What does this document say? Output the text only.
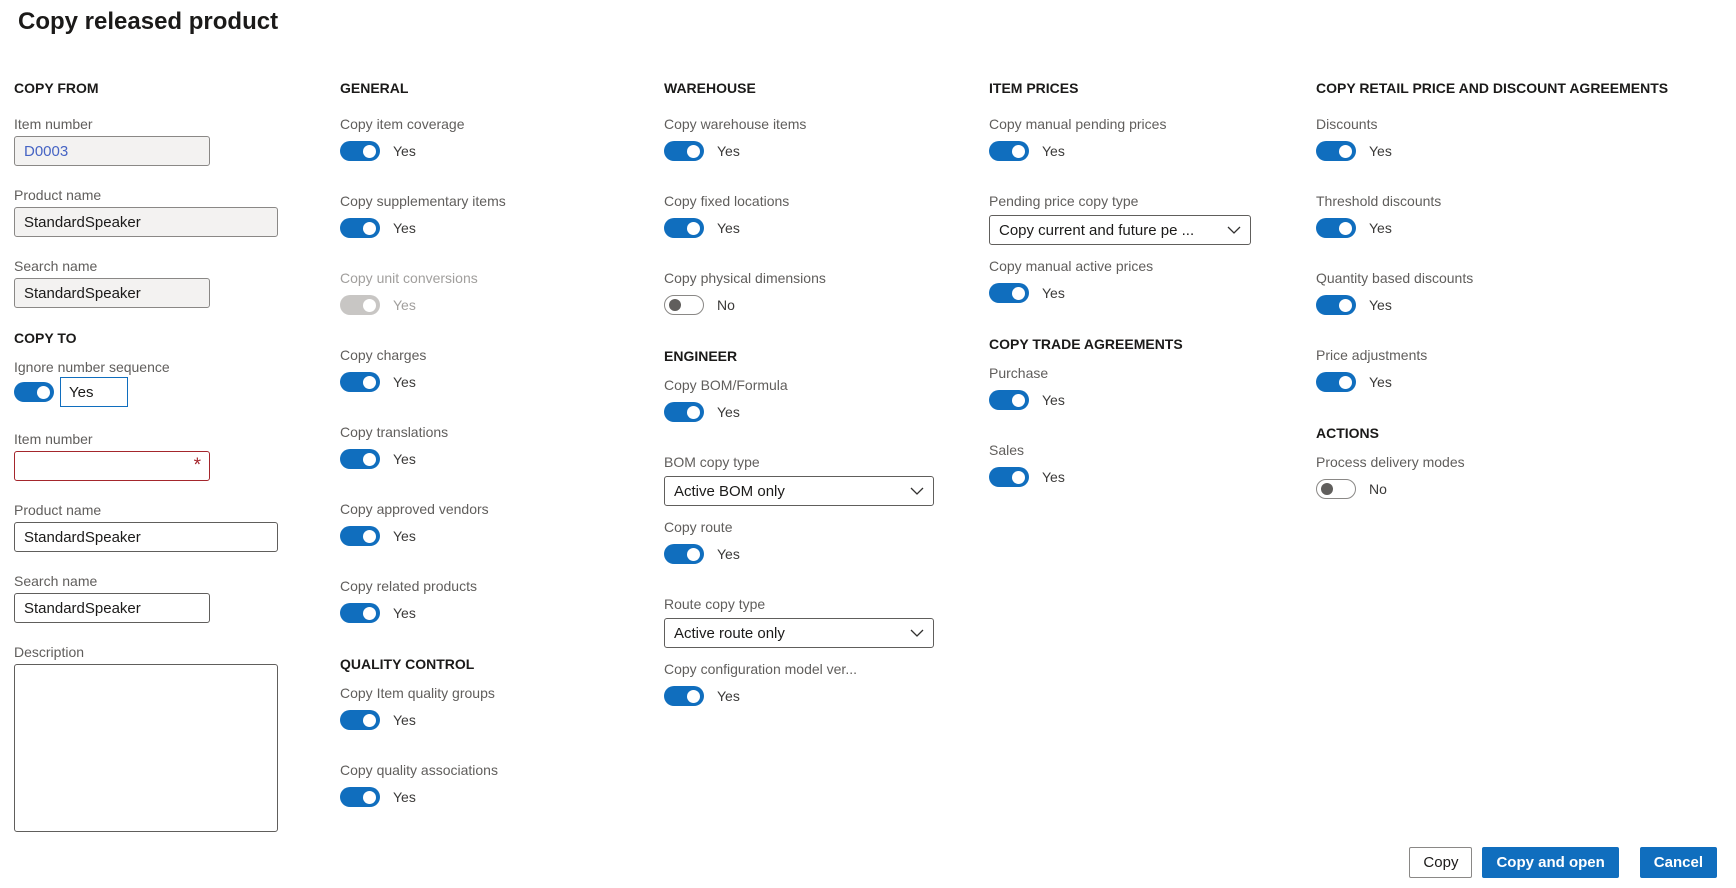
Copy released product
COPY FROM
Item number
D0003
Product name
StandardSpeaker
Search name
StandardSpeaker
COPY TO
Ignore number sequence
Yes
Item number
*
Product name
StandardSpeaker
Search name
StandardSpeaker
Description
GENERAL
Copy item coverage
Yes
Copy supplementary items
Yes
Copy unit conversions
Yes
Copy charges
Yes
Copy translations
Yes
Copy approved vendors
Yes
Copy related products
Yes
QUALITY CONTROL
Copy Item quality groups
Yes
Copy quality associations
Yes
WAREHOUSE
Copy warehouse items
Yes
Copy fixed locations
Yes
Copy physical dimensions
No
ENGINEER
Copy BOM/Formula
Yes
BOM copy type
Active BOM only
Copy route
Yes
Route copy type
Active route only
Copy configuration model ver...
Yes
ITEM PRICES
Copy manual pending prices
Yes
Pending price copy type
Copy current and future pe ...
Copy manual active prices
Yes
COPY TRADE AGREEMENTS
Purchase
Yes
Sales
Yes
COPY RETAIL PRICE AND DISCOUNT AGREEMENTS
Discounts
Yes
Threshold discounts
Yes
Quantity based discounts
Yes
Price adjustments
Yes
ACTIONS
Process delivery modes
No
Copy	Copy and open	Cancel
